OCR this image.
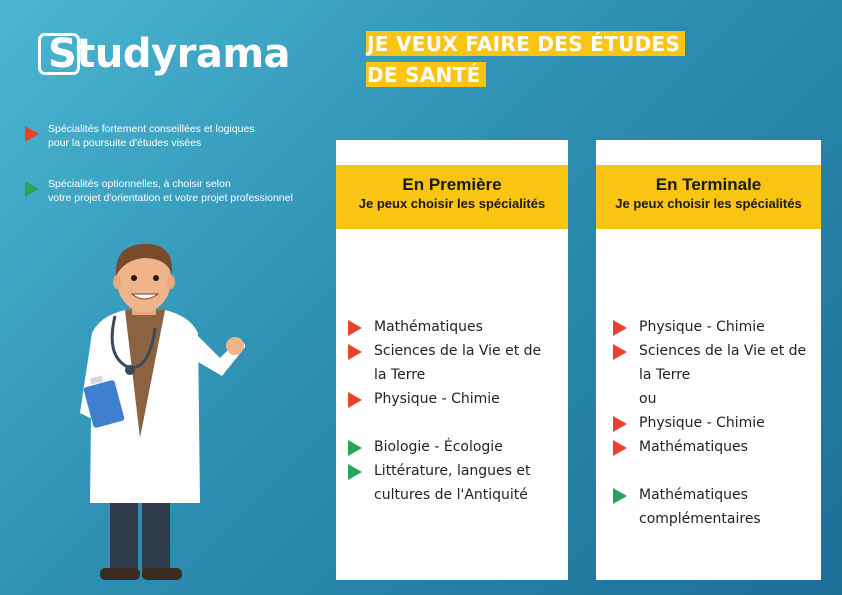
Studyrama	JE VEUX FAIRE DES ÉTUDES
DE SANTÉ
Spécialités fortement conseillées et logiques
pour la poursuite d'études visées
Spécialités optionnelles, à choisir selon
votre projet d'orientation et votre projet professionnel
En Première
Je peux choisir les spécialités
Mathématiques
Sciences de la Vie et de
la Terre
Physique - Chimie
Biologie - Écologie
Littérature, langues et
cultures de l'Antiquité
En Terminale
Je peux choisir les spécialités
Physique - Chimie
Sciences de la Vie et de
la Terre
ou
Physique - Chimie
Mathématiques
Mathématiques
complémentaires
